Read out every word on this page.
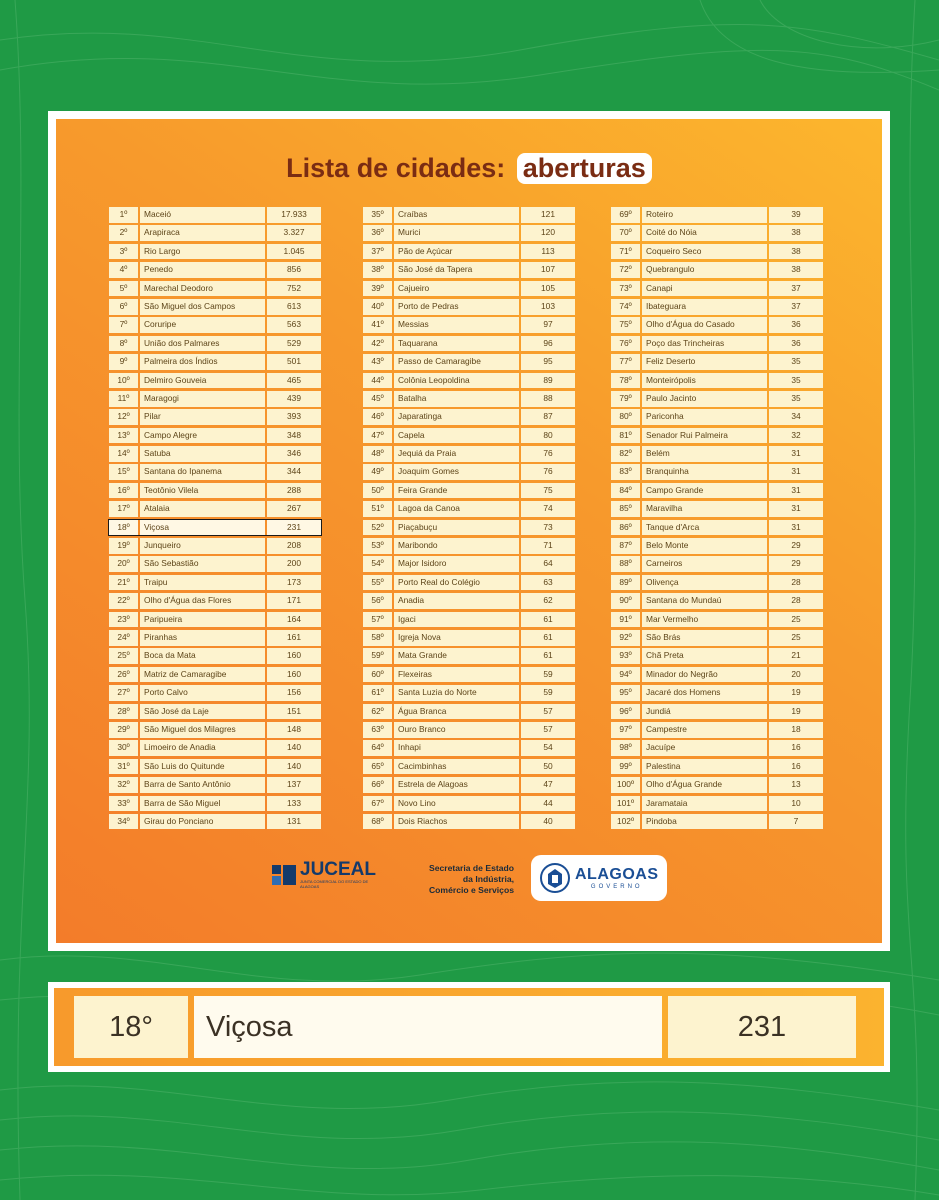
Lista de cidades: aberturas
1º	Maceió	17.933
2º	Arapiraca	3.327
3º	Rio Largo	1.045
4º	Penedo	856
5º	Marechal Deodoro	752
6º	São Miguel dos Campos	613
7º	Coruripe	563
8º	União dos Palmares	529
9º	Palmeira dos Índios	501
10º	Delmiro Gouveia	465
11º	Maragogi	439
12º	Pilar	393
13º	Campo Alegre	348
14º	Satuba	346
15º	Santana do Ipanema	344
16º	Teotônio Vilela	288
17º	Atalaia	267
18º	Viçosa	231
19º	Junqueiro	208
20º	São Sebastião	200
21º	Traipu	173
22º	Olho d'Água das Flores	171
23º	Paripueira	164
24º	Piranhas	161
25º	Boca da Mata	160
26º	Matriz de Camaragibe	160
27º	Porto Calvo	156
28º	São José da Laje	151
29º	São Miguel dos Milagres	148
30º	Limoeiro de Anadia	140
31º	São Luis do Quitunde	140
32º	Barra de Santo Antônio	137
33º	Barra de São Miguel	133
34º	Girau do Ponciano	131
35º	Craíbas	121
36º	Murici	120
37º	Pão de Açúcar	113
38º	São José da Tapera	107
39º	Cajueiro	105
40º	Porto de Pedras	103
41º	Messias	97
42º	Taquarana	96
43º	Passo de Camaragibe	95
44º	Colônia Leopoldina	89
45º	Batalha	88
46º	Japaratinga	87
47º	Capela	80
48º	Jequiá da Praia	76
49º	Joaquim Gomes	76
50º	Feira Grande	75
51º	Lagoa da Canoa	74
52º	Piaçabuçu	73
53º	Maribondo	71
54º	Major Isidoro	64
55º	Porto Real do Colégio	63
56º	Anadia	62
57º	Igaci	61
58º	Igreja Nova	61
59º	Mata Grande	61
60º	Flexeiras	59
61º	Santa Luzia do Norte	59
62º	Água Branca	57
63º	Ouro Branco	57
64º	Inhapi	54
65º	Cacimbinhas	50
66º	Estrela de Alagoas	47
67º	Novo Lino	44
68º	Dois Riachos	40
69º	Roteiro	39
70º	Coité do Nóia	38
71º	Coqueiro Seco	38
72º	Quebrangulo	38
73º	Canapi	37
74º	Ibateguara	37
75º	Olho d'Água do Casado	36
76º	Poço das Trincheiras	36
77º	Feliz Deserto	35
78º	Monteirópolis	35
79º	Paulo Jacinto	35
80º	Pariconha	34
81º	Senador Rui Palmeira	32
82º	Belém	31
83º	Branquinha	31
84º	Campo Grande	31
85º	Maravilha	31
86º	Tanque d'Arca	31
87º	Belo Monte	29
88º	Carneiros	29
89º	Olivença	28
90º	Santana do Mundaú	28
91º	Mar Vermelho	25
92º	São Brás	25
93º	Chã Preta	21
94º	Minador do Negrão	20
95º	Jacaré dos Homens	19
96º	Jundiá	19
97º	Campestre	18
98º	Jacuípe	16
99º	Palestina	16
100º	Olho d'Água Grande	13
101º	Jaramataia	10
102º	Pindoba	7
JUCEAL
JUNTA COMERCIAL DO ESTADO DE ALAGOAS
Secretaria de Estado
da Indústria,
Comércio e Serviços
ALAGOAS
GOVERNO
18°	Viçosa	231
